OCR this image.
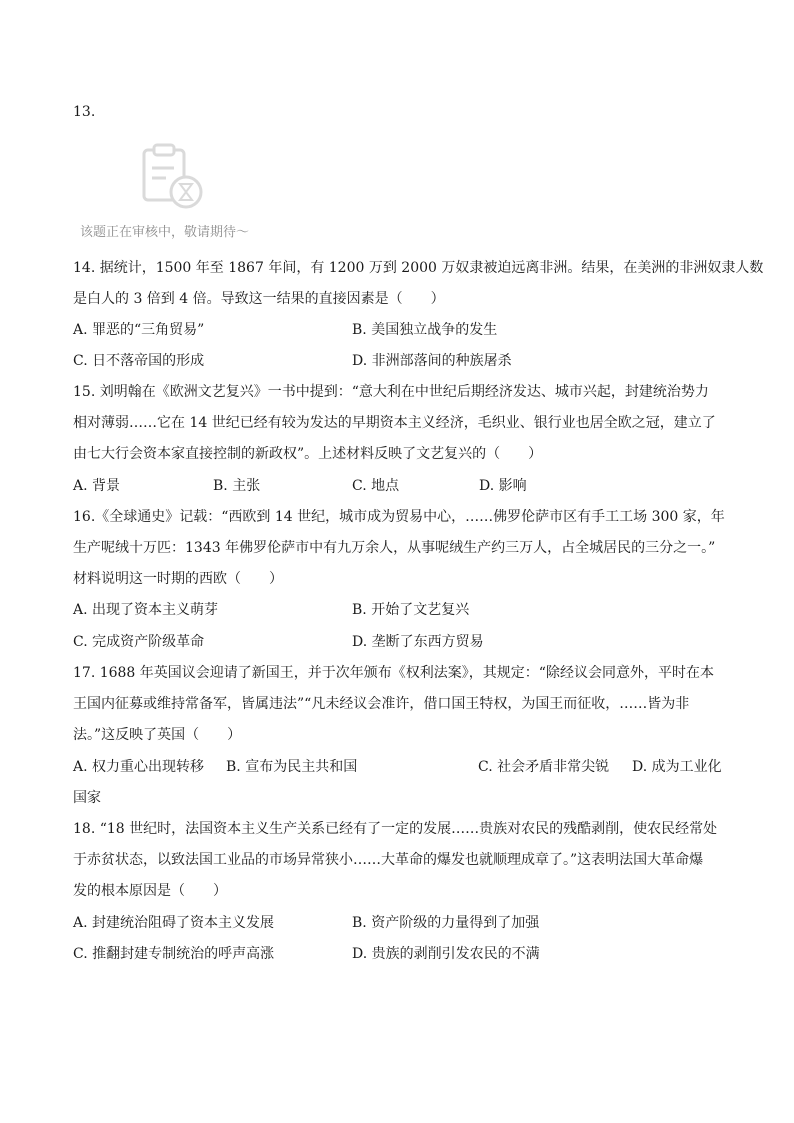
13.
该题正在审核中，敬请期待～
14. 据统计，1500 年至 1867 年间，有 1200 万到 2000 万奴隶被迫远离非洲。结果，在美洲的非洲奴隶人数
是白人的 3 倍到 4 倍。导致这一结果的直接因素是（　　）
A. 罪恶的“三角贸易”	B. 美国独立战争的发生
C. 日不落帝国的形成	D. 非洲部落间的种族屠杀
15. 刘明翰在《欧洲文艺复兴》一书中提到：“意大利在中世纪后期经济发达、城市兴起，封建统治势力
相对薄弱……它在 14 世纪已经有较为发达的早期资本主义经济，毛织业、银行业也居全欧之冠，建立了
由七大行会资本家直接控制的新政权”。上述材料反映了文艺复兴的（　　）
A. 背景	B. 主张	C. 地点	D. 影响
16.《全球通史》记载：“西欧到 14 世纪，城市成为贸易中心，……佛罗伦萨市区有手工工场 300 家，年
生产呢绒十万匹：1343 年佛罗伦萨市中有九万余人，从事呢绒生产约三万人，占全城居民的三分之一。”
材料说明这一时期的西欧（　　）
A. 出现了资本主义萌芽	B. 开始了文艺复兴
C. 完成资产阶级革命	D. 垄断了东西方贸易
17. 1688 年英国议会迎请了新国王，并于次年颁布《权利法案》，其规定：“除经议会同意外，平时在本
王国内征募或维持常备军，皆属违法”“凡未经议会准许，借口国王特权，为国王而征收，……皆为非
法。”这反映了英国（　　）
A. 权力重心出现转移 B. 宣布为民主共和国	C. 社会矛盾非常尖锐 D. 成为工业化
国家
18. “18 世纪时，法国资本主义生产关系已经有了一定的发展……贵族对农民的残酷剥削，使农民经常处
于赤贫状态，以致法国工业品的市场异常狭小……大革命的爆发也就顺理成章了。”这表明法国大革命爆
发的根本原因是（　　）
A. 封建统治阻碍了资本主义发展	B. 资产阶级的力量得到了加强
C. 推翻封建专制统治的呼声高涨	D. 贵族的剥削引发农民的不满
